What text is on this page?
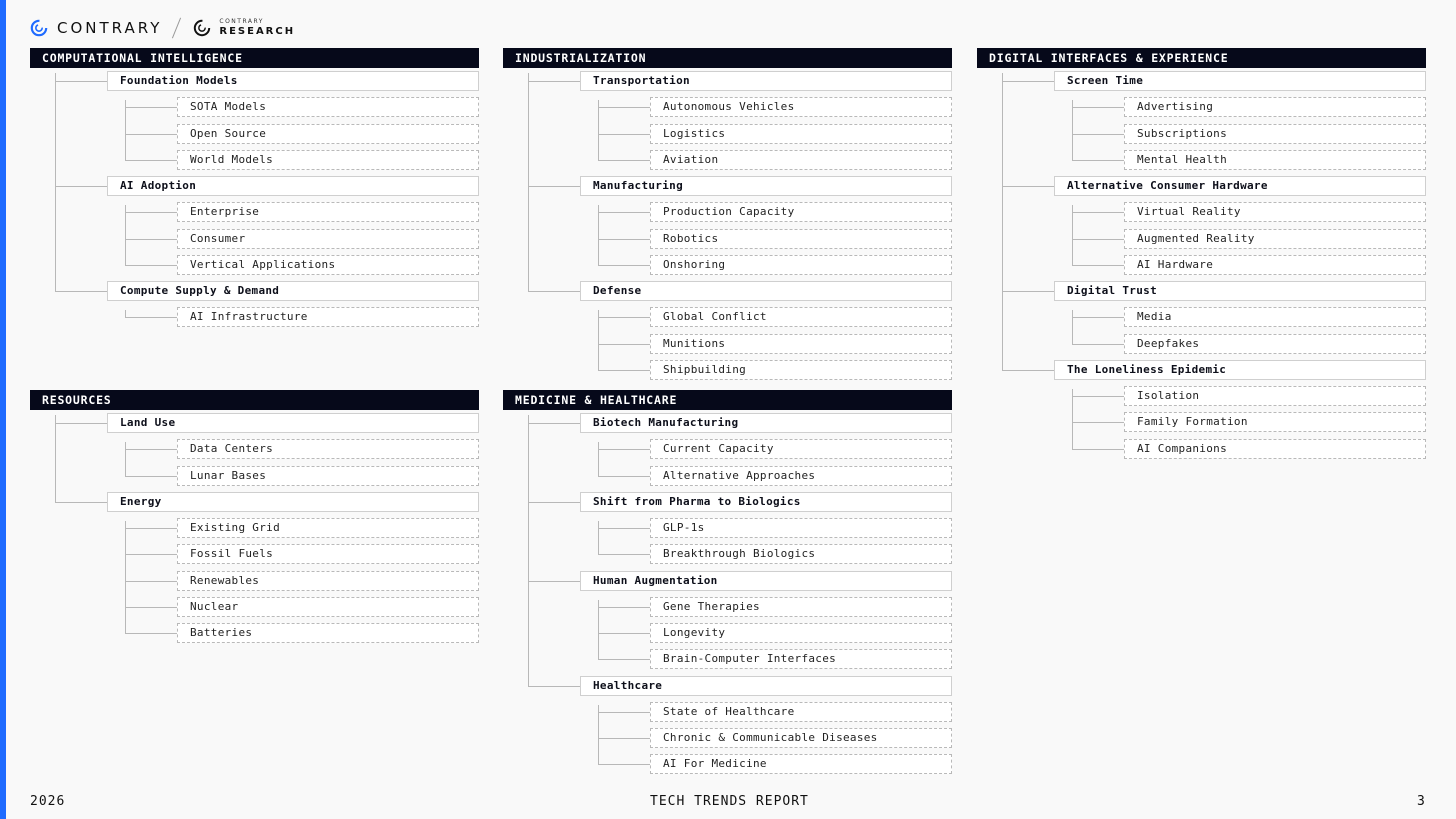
CONTRARY	CONTRARY
RESEARCH
COMPUTATIONAL INTELLIGENCE
Foundation Models
SOTA Models
Open Source
World Models
AI Adoption
Enterprise
Consumer
Vertical Applications
Compute Supply & Demand
AI Infrastructure
INDUSTRIALIZATION
Transportation
Autonomous Vehicles
Logistics
Aviation
Manufacturing
Production Capacity
Robotics
Onshoring
Defense
Global Conflict
Munitions
Shipbuilding
DIGITAL INTERFACES & EXPERIENCE
Screen Time
Advertising
Subscriptions
Mental Health
Alternative Consumer Hardware
Virtual Reality
Augmented Reality
AI Hardware
Digital Trust
Media
Deepfakes
The Loneliness Epidemic
Isolation
Family Formation
AI Companions
RESOURCES
Land Use
Data Centers
Lunar Bases
Energy
Existing Grid
Fossil Fuels
Renewables
Nuclear
Batteries
MEDICINE & HEALTHCARE
Biotech Manufacturing
Current Capacity
Alternative Approaches
Shift from Pharma to Biologics
GLP-1s
Breakthrough Biologics
Human Augmentation
Gene Therapies
Longevity
Brain-Computer Interfaces
Healthcare
State of Healthcare
Chronic & Communicable Diseases
AI For Medicine
2026	TECH TRENDS REPORT	3
